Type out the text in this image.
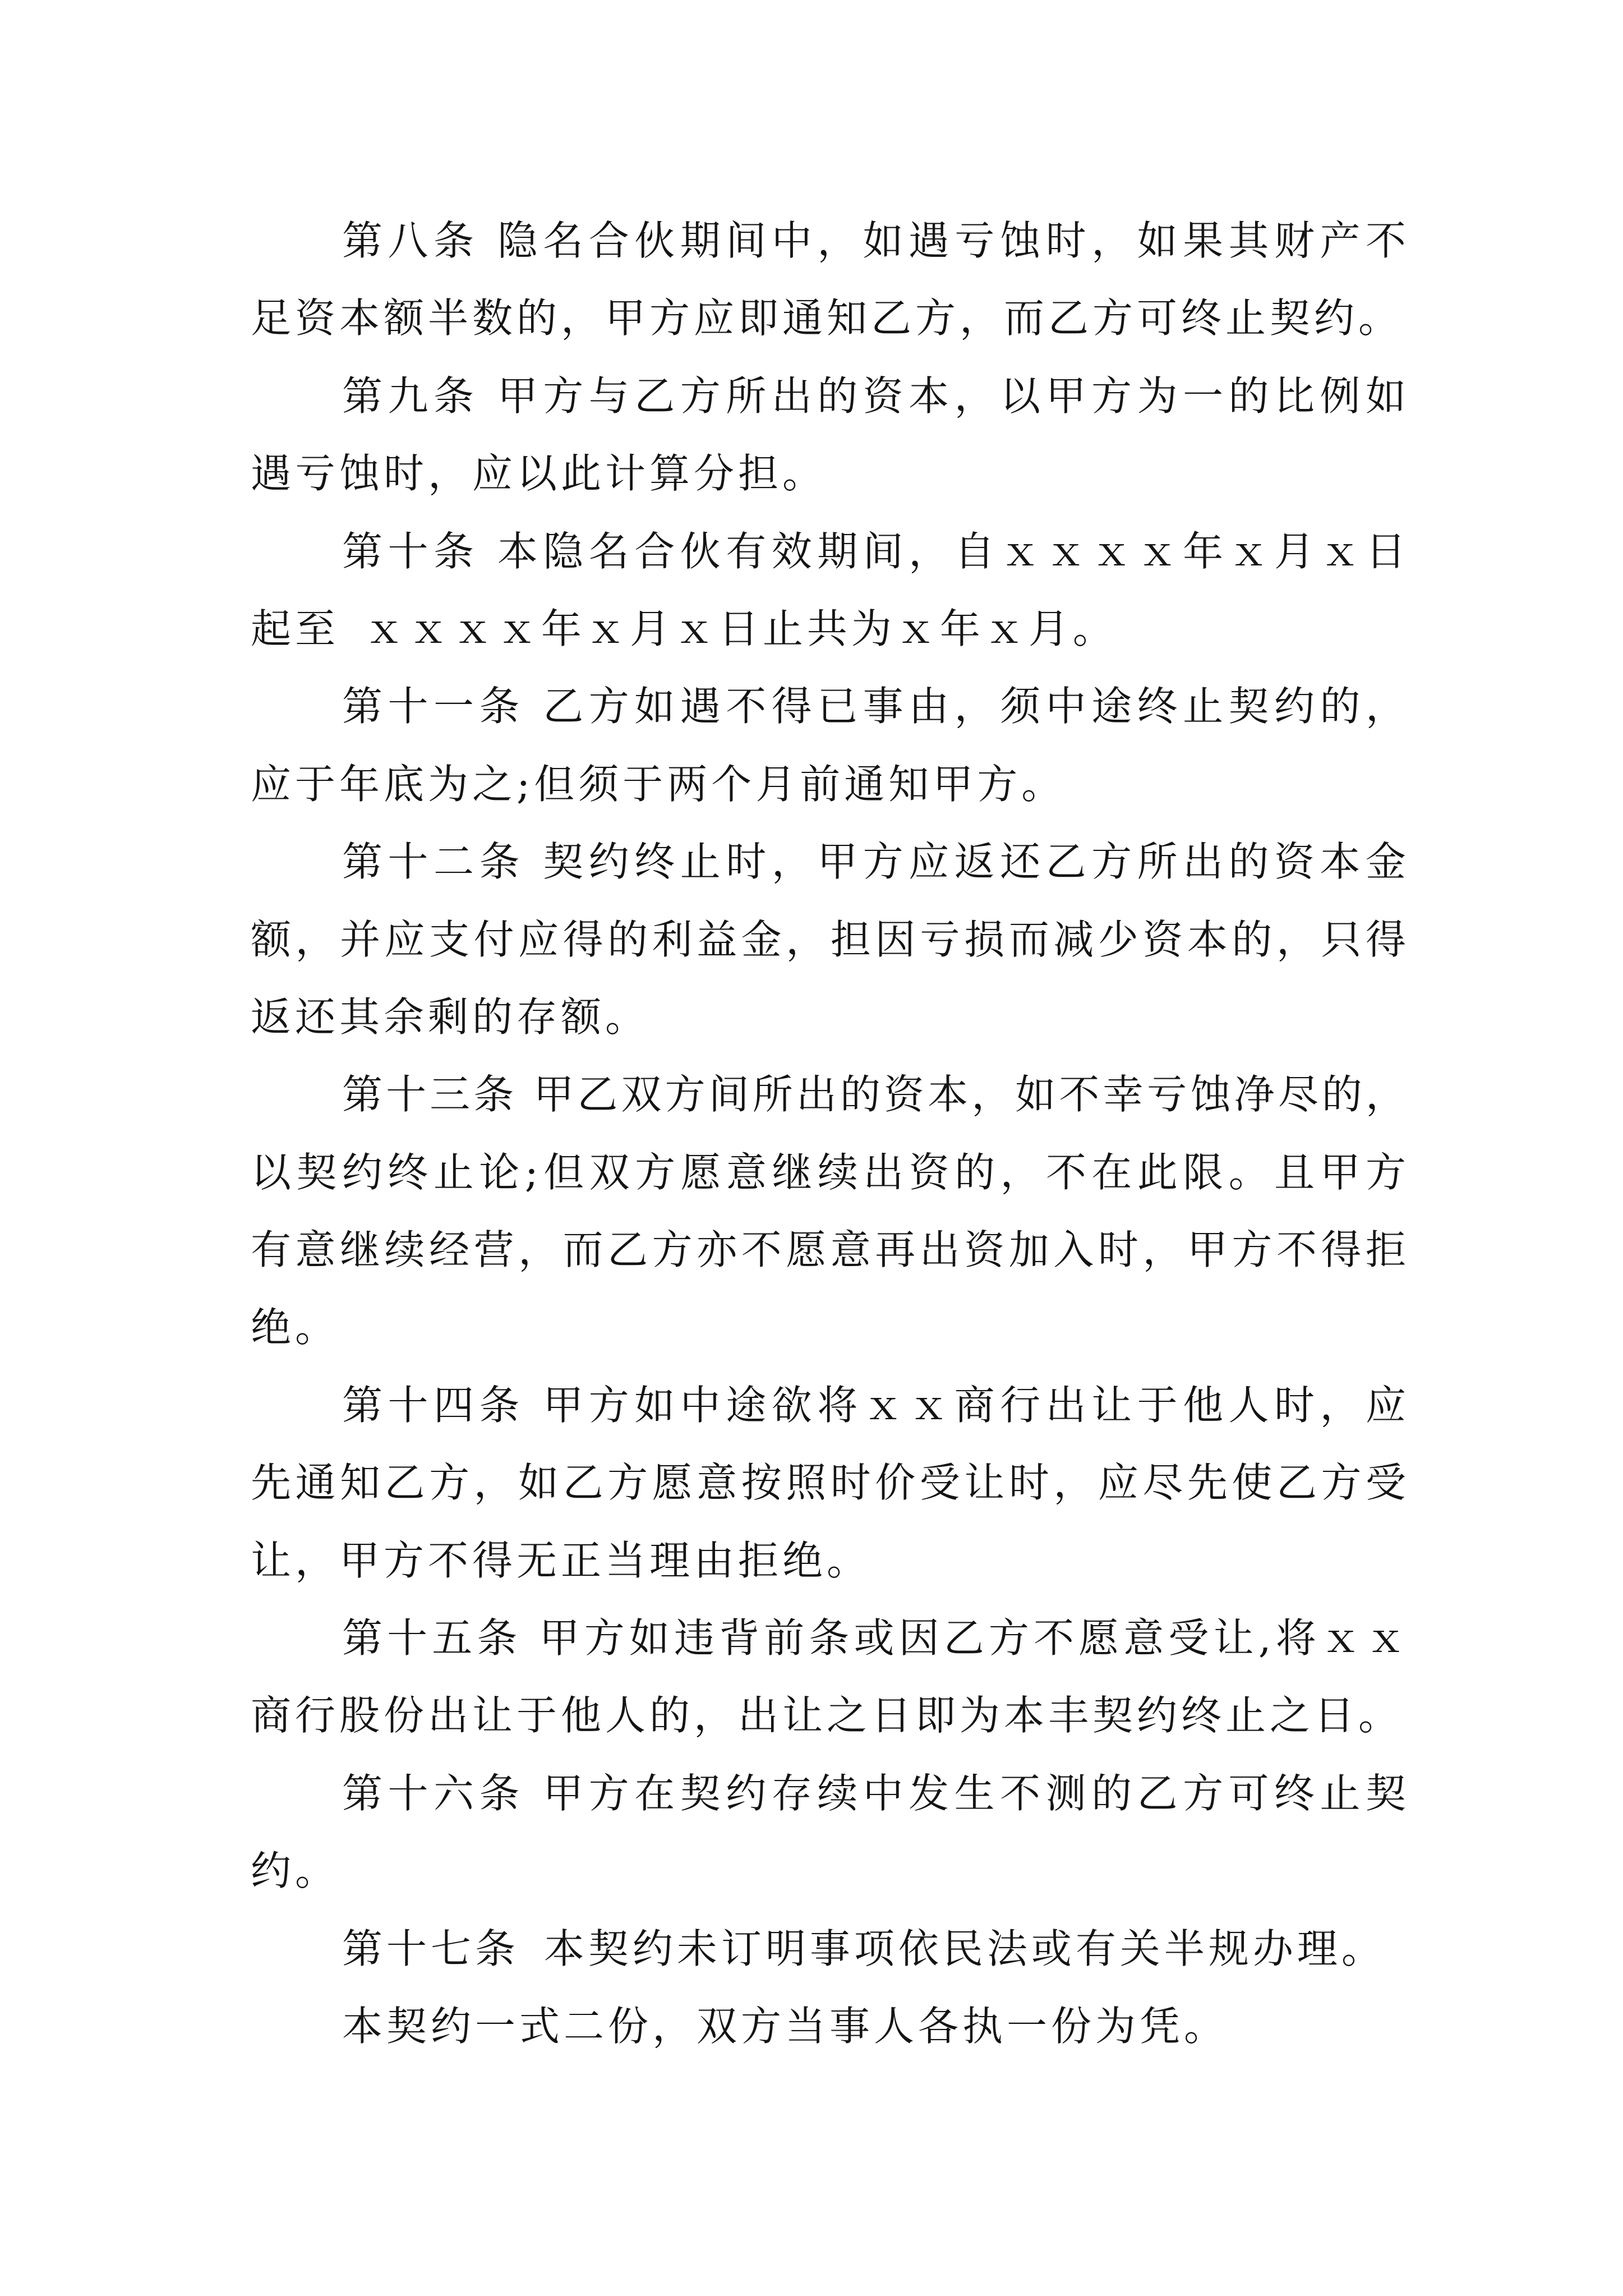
第八条 隐名合伙期间中，如遇亏蚀时，如果其财产不
足资本额半数的，甲方应即通知乙方，而乙方可终止契约。
第九条 甲方与乙方所出的资本，以甲方为一的比例如
遇亏蚀时，应以此计算分担。
第十条 本隐名合伙有效期间，自ｘｘｘｘ年ｘ月ｘ日
起至 ｘｘｘｘ年ｘ月ｘ日止共为ｘ年ｘ月。
第十一条 乙方如遇不得已事由，须中途终止契约的，
应于年底为之;但须于两个月前通知甲方。
第十二条 契约终止时，甲方应返还乙方所出的资本金
额，并应支付应得的利益金，担因亏损而减少资本的，只得
返还其余剩的存额。
第十三条 甲乙双方间所出的资本，如不幸亏蚀净尽的，
以契约终止论;但双方愿意继续出资的，不在此限。且甲方
有意继续经营，而乙方亦不愿意再出资加入时，甲方不得拒
绝。
第十四条 甲方如中途欲将ｘｘ商行出让于他人时，应
先通知乙方，如乙方愿意按照时价受让时，应尽先使乙方受
让，甲方不得无正当理由拒绝。
第十五条 甲方如违背前条或因乙方不愿意受让,将ｘｘ
商行股份出让于他人的，出让之日即为本丰契约终止之日。
第十六条 甲方在契约存续中发生不测的乙方可终止契
约。
第十七条 本契约未订明事项依民法或有关半规办理。
本契约一式二份，双方当事人各执一份为凭。
